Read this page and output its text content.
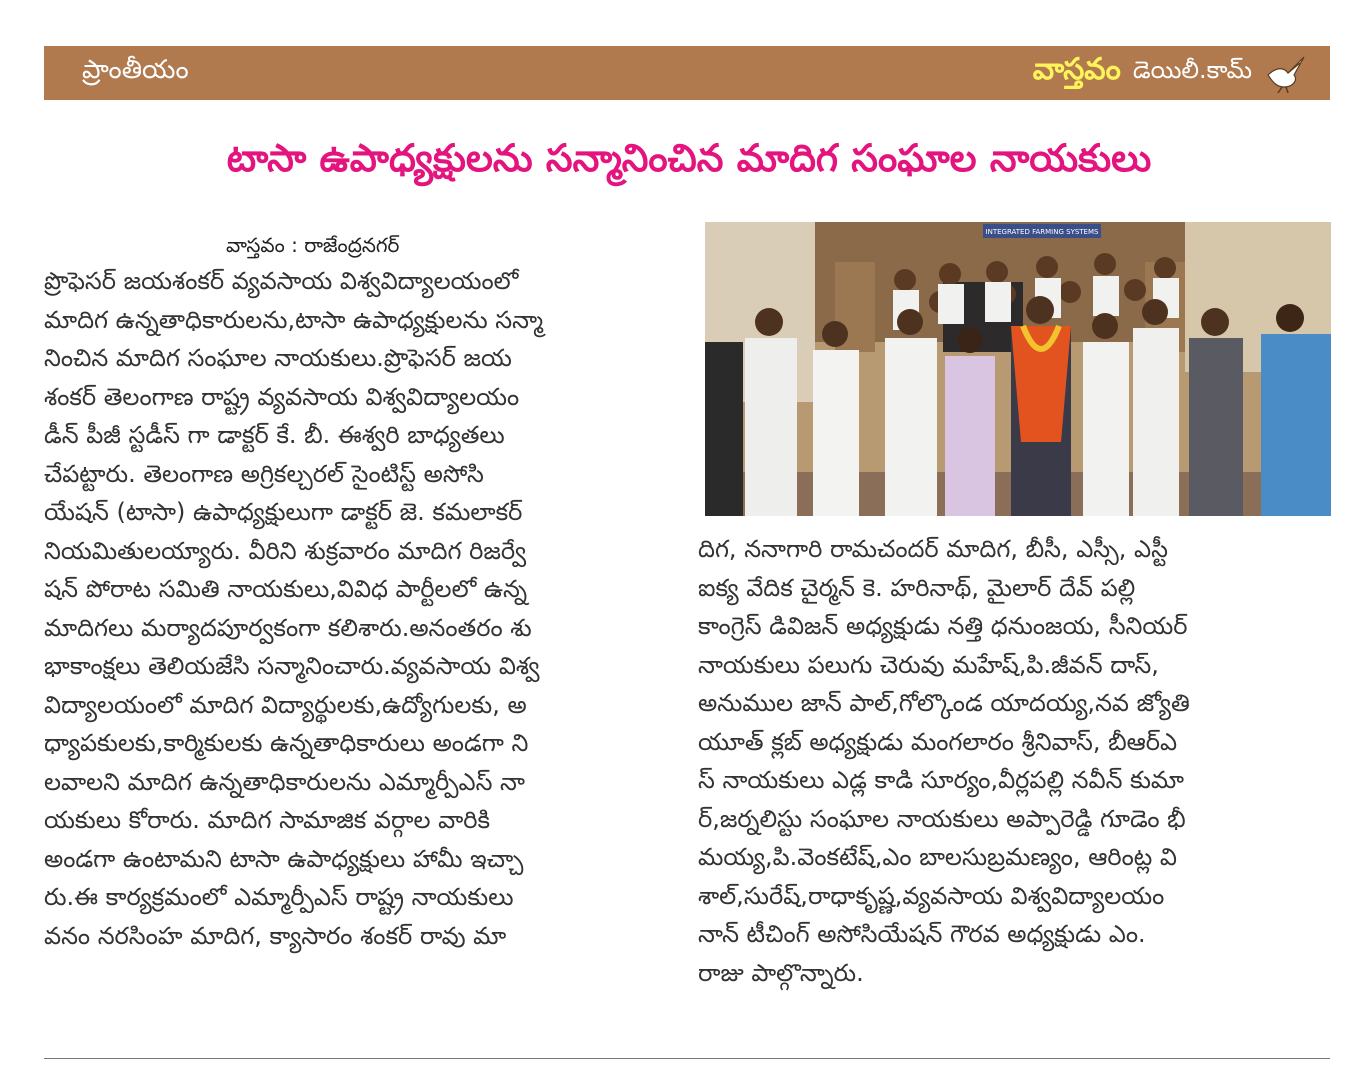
ప్రాంతీయం	వాస్తవం డెయిలీ.కామ్
టాసా ఉపాధ్యక్షులను సన్మానించిన మాదిగ సంఘాల నాయకులు
వాస్తవం : రాజేంద్రనగర్
ప్రొఫెసర్ జయశంకర్ వ్యవసాయ విశ్వవిద్యాలయంలో
మాదిగ ఉన్నతాధికారులను,టాసా ఉపాధ్యక్షులను సన్మా
నించిన మాదిగ సంఘాల నాయకులు.ప్రొఫెసర్ జయ
శంకర్ తెలంగాణ రాష్ట్ర వ్యవసాయ విశ్వవిద్యాలయం
డీన్ పీజీ స్టడీస్ గా డాక్టర్ కే. బీ. ఈశ్వరి బాధ్యతలు
చేపట్టారు. తెలంగాణ అగ్రికల్చరల్ సైంటిస్ట్ అసోసి
యేషన్ (టాసా) ఉపాధ్యక్షులుగా డాక్టర్ జె. కమలాకర్
నియమితులయ్యారు. వీరిని శుక్రవారం మాదిగ రిజర్వే
షన్ పోరాట సమితి నాయకులు,వివిధ పార్టీలలో ఉన్న
మాదిగలు మర్యాదపూర్వకంగా కలిశారు.అనంతరం శు
భాకాంక్షలు తెలియజేసి సన్మానించారు.వ్యవసాయ విశ్వ
విద్యాలయంలో మాదిగ విద్యార్థులకు,ఉద్యోగులకు, అ
ధ్యాపకులకు,కార్మికులకు ఉన్నతాధికారులు అండగా ని
లవాలని మాదిగ ఉన్నతాధికారులను ఎమ్మార్పీఎస్ నా
యకులు కోరారు. మాదిగ సామాజిక వర్గాల వారికి
అండగా ఉంటామని టాసా ఉపాధ్యక్షులు హామీ ఇచ్చా
రు.ఈ కార్యక్రమంలో ఎమ్మార్పీఎస్ రాష్ట్ర నాయకులు
వనం నరసింహ మాదిగ, క్యాసారం శంకర్ రావు మా
INTEGRATED FARMING SYSTEMS
దిగ, ననాగారి రామచందర్ మాదిగ, బీసీ, ఎస్సీ, ఎస్టీ
ఐక్య వేదిక చైర్మన్ కె. హరినాథ్, మైలార్ దేవ్ పల్లి
కాంగ్రెస్ డివిజన్ అధ్యక్షుడు నత్తి ధనుంజయ, సీనియర్
నాయకులు పలుగు చెరువు మహేష్,పి.జీవన్ దాస్,
అనుముల జాన్ పాల్,గోల్కొండ యాదయ్య,నవ జ్యోతి
యూత్ క్లబ్ అధ్యక్షుడు మంగలారం శ్రీనివాస్, బీఆర్ఎ
స్ నాయకులు ఎడ్ల కాడి సూర్యం,వీర్లపల్లి నవీన్ కుమా
ర్,జర్నలిస్టు సంఘాల నాయకులు అప్పారెడ్డి గూడెం భీ
మయ్య,పి.వెంకటేష్,ఎం బాలసుబ్రమణ్యం, ఆరింట్ల వి
శాల్,సురేష్,రాధాకృష్ణ,వ్యవసాయ విశ్వవిద్యాలయం
నాన్ టీచింగ్ అసోసియేషన్ గౌరవ అధ్యక్షుడు ఎం.
రాజు పాల్గొన్నారు.
